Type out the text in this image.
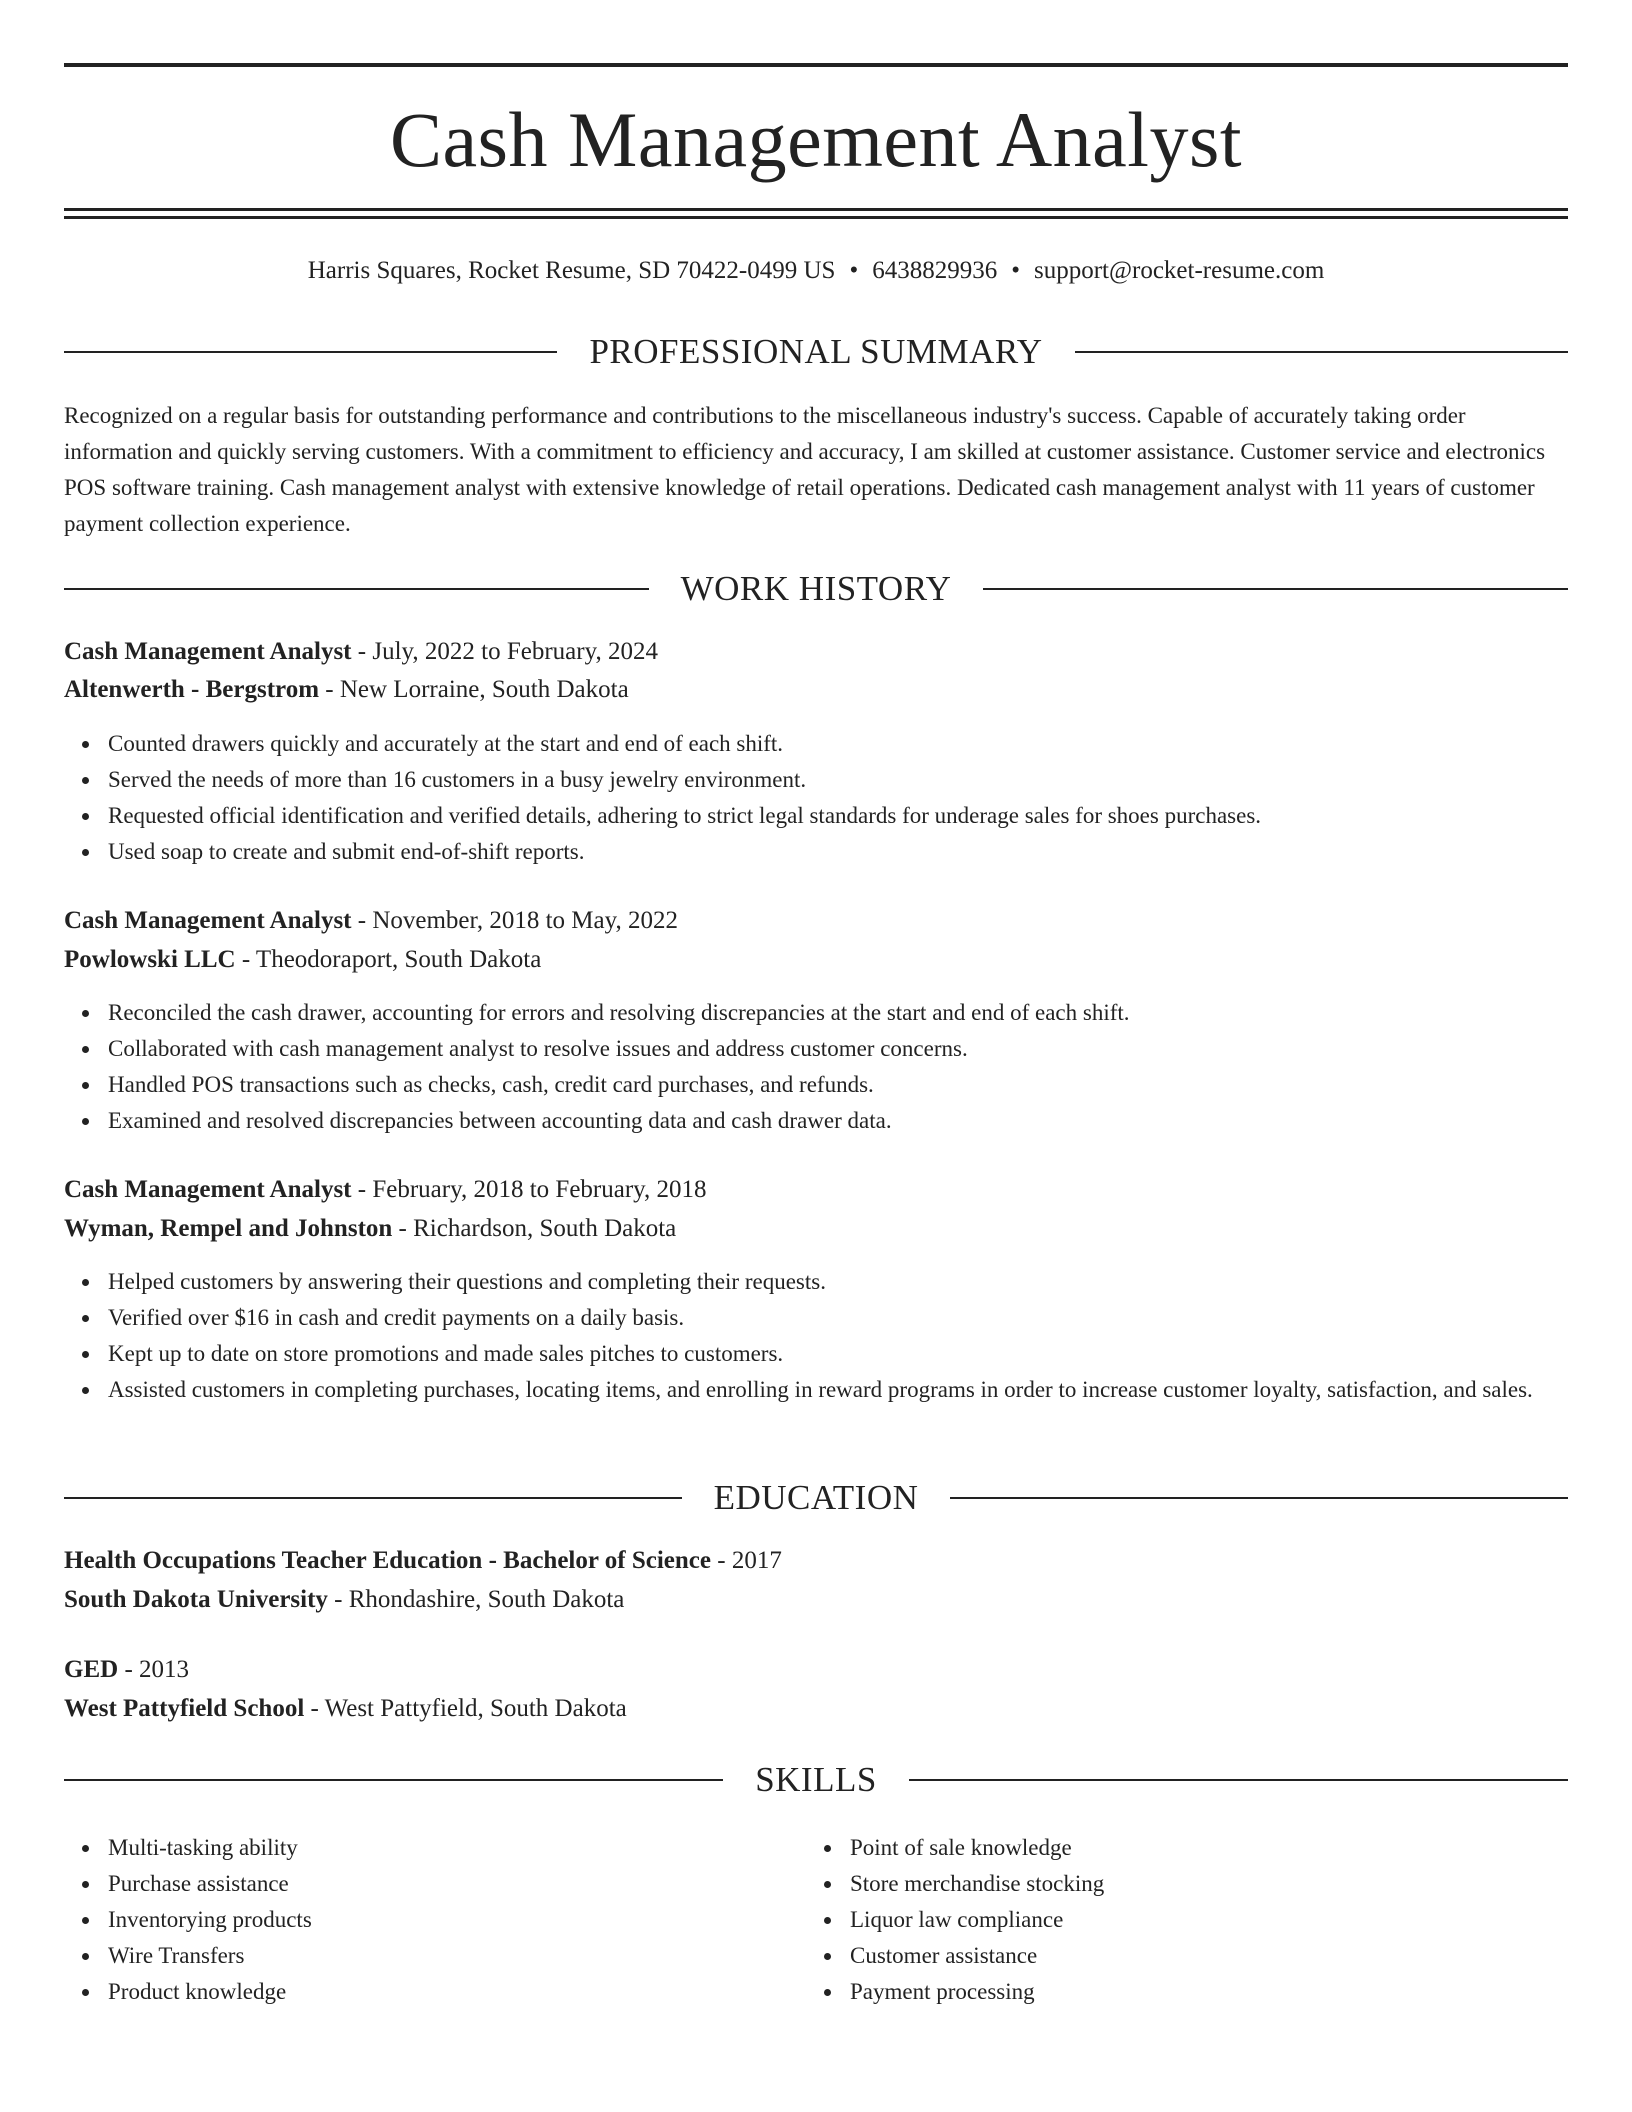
Cash Management Analyst
Harris Squares, Rocket Resume, SD 70422-0499 US • 6438829936 • support@rocket-resume.com
PROFESSIONAL SUMMARY

Recognized on a regular basis for outstanding performance and contributions to the miscellaneous industry's success. Capable of accurately taking order information and quickly serving customers. With a commitment to efficiency and accuracy, I am skilled at customer assistance. Customer service and electronics POS software training. Cash management analyst with extensive knowledge of retail operations. Dedicated cash management analyst with 11 years of customer payment collection experience.

WORK HISTORY
Cash Management Analyst - July, 2022 to February, 2024
Altenwerth - Bergstrom - New Lorraine, South Dakota
Counted drawers quickly and accurately at the start and end of each shift.
Served the needs of more than 16 customers in a busy jewelry environment.
Requested official identification and verified details, adhering to strict legal standards for underage sales for shoes purchases.
Used soap to create and submit end-of-shift reports.
Cash Management Analyst - November, 2018 to May, 2022
Powlowski LLC - Theodoraport, South Dakota
Reconciled the cash drawer, accounting for errors and resolving discrepancies at the start and end of each shift.
Collaborated with cash management analyst to resolve issues and address customer concerns.
Handled POS transactions such as checks, cash, credit card purchases, and refunds.
Examined and resolved discrepancies between accounting data and cash drawer data.
Cash Management Analyst - February, 2018 to February, 2018
Wyman, Rempel and Johnston - Richardson, South Dakota
Helped customers by answering their questions and completing their requests.
Verified over $16 in cash and credit payments on a daily basis.
Kept up to date on store promotions and made sales pitches to customers.
Assisted customers in completing purchases, locating items, and enrolling in reward programs in order to increase customer loyalty, satisfaction, and sales.
EDUCATION
Health Occupations Teacher Education - Bachelor of Science - 2017
South Dakota University - Rhondashire, South Dakota
GED - 2013
West Pattyfield School - West Pattyfield, South Dakota
SKILLS
Multi-tasking ability
Purchase assistance
Inventorying products
Wire Transfers
Product knowledge
Point of sale knowledge
Store merchandise stocking
Liquor law compliance
Customer assistance
Payment processing
